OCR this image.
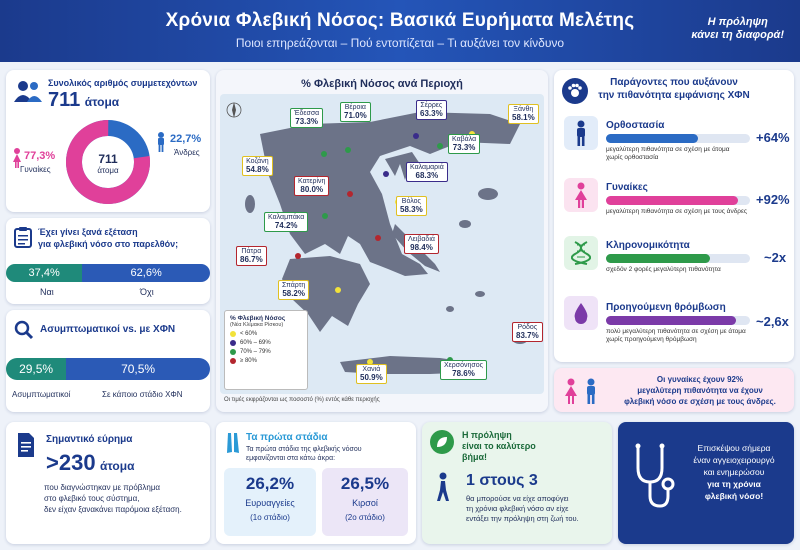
Χρόνια Φλεβική Νόσος: Βασικά Ευρήματα Μελέτης

Ποιοι επηρεάζονται – Πού εντοπίζεται – Τι αυξάνει τον κίνδυνο

Η πρόληψη
κάνει τη διαφορά!
Συνολικός αριθμός συμμετεχόντων
711 άτομα
711
άτομα
77,3%
Γυναίκες
22,7%
Άνδρες
Έχει γίνει ξανά εξέταση
για φλεβική νόσο στο παρελθόν;
37,4%	62,6%
Ναι	Όχι
Ασυμπτωματικοί vs. με ΧΦΝ
29,5%	70,5%
Ασυμπτωματικοί	Σε κάποιο στάδιο ΧΦΝ
% Φλεβική Νόσος ανά Περιοχή
Έδεσσα
73.3%
Βέροια
71.0%
Σέρρες
63.3%	Ξάνθη
58.1%
Καβάλα
73.3%
Καλαμαριά
68.3%
Κοζάνη
54.8%
Κατερίνη
80.0%
Βόλος
58.3%
Καλαμπάκα
74.2%
Λειβαδιά
98.4%
Πάτρα
86.7%
Σπάρτη
58.2%
Ρόδος
83.7%
Χανιά
50.9%
Χερσόνησος
78.6%
% Φλεβική Νόσος
(Νέα Κλίμακα Ρίσκου)
< 60%
60% – 69%
70% – 79%
≥ 80%
Οι τιμές εκφράζονται ως ποσοστό (%) εντός κάθε περιοχής
Παράγοντες που αυξάνουν
την πιθανότητα εμφάνισης ΧΦΝ
Ορθοστασία
μεγαλύτερη πιθανότητα σε σχέση με άτομα
χωρίς ορθοστασία
+64%
Γυναίκες
μεγαλύτερη πιθανότητα σε σχέση με τους άνδρες
+92%
Κληρονομικότητα
σχεδόν 2 φορές μεγαλύτερη πιθανότητα
~2x
Προηγούμενη θρόμβωση
πολύ μεγαλύτερη πιθανότητα σε σχέση με άτομα
χωρίς προηγούμενη θρόμβωση
~2,6x
Οι γυναίκες έχουν 92%
μεγαλύτερη πιθανότητα να έχουν
φλεβική νόσο σε σχέση με τους άνδρες.
Σημαντικό εύρημα
>230 άτομα
που διαγνώστηκαν με πρόβλημα
στο φλεβικό τους σύστημα,
δεν είχαν ξανακάνει παρόμοια εξέταση.
Τα πρώτα στάδια
Τα πρώτα στάδια της φλεβικής νόσου
εμφανίζονται στα κάτω άκρα:
26,2%
Ευρυαγγείες
(1ο στάδιο)
26,5%
Κιρσοί
(2ο στάδιο)
Η πρόληψη
είναι το καλύτερο
βήμα!
1 στους 3
θα μπορούσε να είχε αποφύγει
τη χρόνια φλεβική νόσο αν είχε
εντάξει την πρόληψη στη ζωή του.
Επισκέψου σήμερα
έναν αγγειοχειρουργό
και ενημερώσου
για τη χρόνια
φλεβική νόσο!
